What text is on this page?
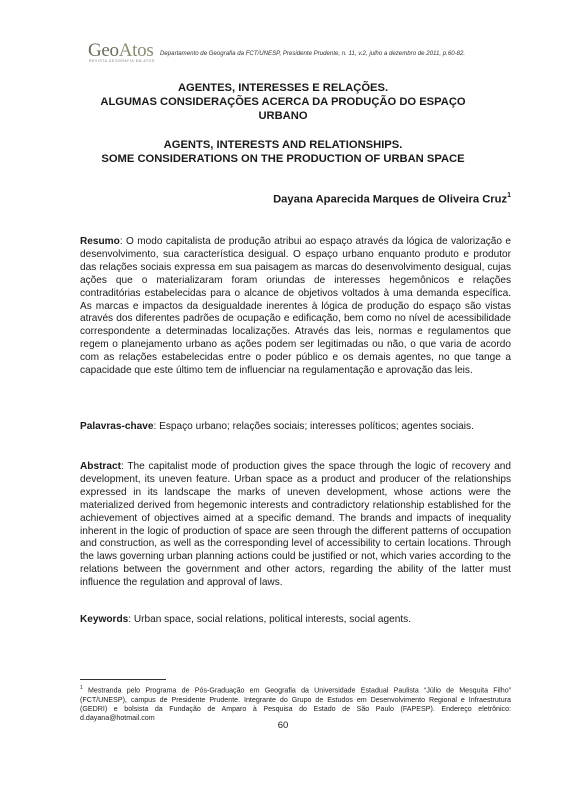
GeoAtos
REVISTA GEOGRAFIA EM ATOS
Departamento de Geografia da FCT/UNESP, Presidente Prudente, n. 11, v.2, julho a dezembro de 2011, p.60-82.
AGENTES, INTERESSES E RELAÇÕES.
ALGUMAS CONSIDERAÇÕES ACERCA DA PRODUÇÃO DO ESPAÇO
URBANO
AGENTS, INTERESTS AND RELATIONSHIPS.
SOME CONSIDERATIONS ON THE PRODUCTION OF URBAN SPACE
Dayana Aparecida Marques de Oliveira Cruz$^1$
Resumo: O modo capitalista de produção atribui ao espaço através da lógica de valorização e desenvolvimento, sua característica desigual. O espaço urbano enquanto produto e produtor das relações sociais expressa em sua paisagem as marcas do desenvolvimento desigual, cujas ações que o materializaram foram oriundas de interesses hegemônicos e relações contraditórias estabelecidas para o alcance de objetivos voltados à uma demanda específica. As marcas e impactos da desigualdade inerentes à lógica de produção do espaço são vistas através dos diferentes padrões de ocupação e edificação, bem como no nível de acessibilidade correspondente a determinadas localizações. Através das leis, normas e regulamentos que regem o planejamento urbano as ações podem ser legitimadas ou não, o que varia de acordo com as relações estabelecidas entre o poder público e os demais agentes, no que tange a capacidade que este último tem de influenciar na regulamentação e aprovação das leis.
Palavras-chave: Espaço urbano; relações sociais; interesses políticos; agentes sociais.
Abstract: The capitalist mode of production gives the space through the logic of recovery and development, its uneven feature. Urban space as a product and producer of the relationships expressed in its landscape the marks of uneven development, whose actions were the materialized derived from hegemonic interests and contradictory relationship established for the achievement of objectives aimed at a specific demand. The brands and impacts of inequality inherent in the logic of production of space are seen through the different patterns of occupation and construction, as well as the corresponding level of accessibility to certain locations. Through the laws governing urban planning actions could be justified or not, which varies according to the relations between the government and other actors, regarding the ability of the latter must influence the regulation and approval of laws.
Keywords: Urban space, social relations, political interests, social agents.
$^1$ Mestranda pelo Programa de Pós-Graduação em Geografia da Universidade Estadual Paulista “Júlio de Mesquita Filho” (FCT/UNESP), campus de Presidente Prudente. Integrante do Grupo de Estudos em Desenvolvimento Regional e Infraestrutura (GEDRI) e bolsista da Fundação de Amparo à Pesquisa do Estado de São Paulo (FAPESP). Endereço eletrônico: d.dayana@hotmail.com
60
